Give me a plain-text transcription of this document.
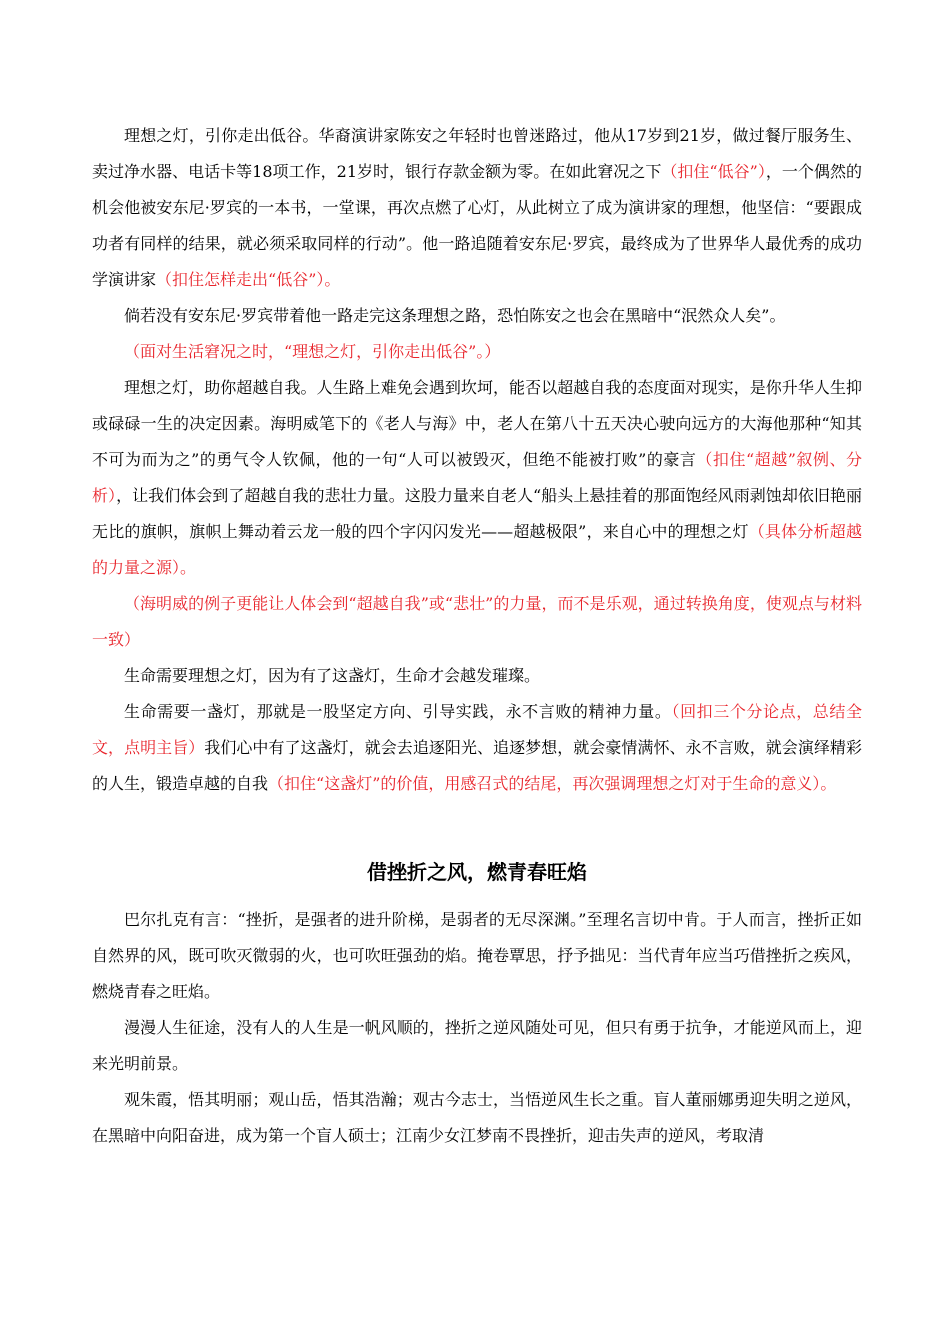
理想之灯，引你走出低谷。华裔演讲家陈安之年轻时也曾迷路过，他从17岁到21岁，做过餐厅服务生、卖过净水器、电话卡等18项工作，21岁时，银行存款金额为零。在如此窘况之下（扣住“低谷”），一个偶然的机会他被安东尼·罗宾的一本书，一堂课，再次点燃了心灯，从此树立了成为演讲家的理想，他坚信：“要跟成功者有同样的结果，就必须采取同样的行动”。他一路追随着安东尼·罗宾，最终成为了世界华人最优秀的成功学演讲家（扣住怎样走出“低谷”）。

倘若没有安东尼·罗宾带着他一路走完这条理想之路，恐怕陈安之也会在黑暗中“泯然众人矣”。

（面对生活窘况之时，“理想之灯，引你走出低谷”。）

理想之灯，助你超越自我。人生路上难免会遇到坎坷，能否以超越自我的态度面对现实，是你升华人生抑或碌碌一生的决定因素。海明威笔下的《老人与海》中，老人在第八十五天决心驶向远方的大海他那种“知其不可为而为之”的勇气令人钦佩，他的一句“人可以被毁灭，但绝不能被打败”的豪言（扣住“超越”叙例、分析），让我们体会到了超越自我的悲壮力量。这股力量来自老人“船头上悬挂着的那面饱经风雨剥蚀却依旧艳丽无比的旗帜，旗帜上舞动着云龙一般的四个字闪闪发光——超越极限”，来自心中的理想之灯（具体分析超越的力量之源）。

（海明威的例子更能让人体会到“超越自我”或“悲壮”的力量，而不是乐观，通过转换角度，使观点与材料一致）

生命需要理想之灯，因为有了这盏灯，生命才会越发璀璨。

生命需要一盏灯，那就是一股坚定方向、引导实践，永不言败的精神力量。（回扣三个分论点，总结全文，点明主旨）我们心中有了这盏灯，就会去追逐阳光、追逐梦想，就会豪情满怀、永不言败，就会演绎精彩的人生，锻造卓越的自我（扣住“这盏灯”的价值，用感召式的结尾，再次强调理想之灯对于生命的意义）。

借挫折之风，燃青春旺焰

巴尔扎克有言：“挫折，是强者的进升阶梯，是弱者的无尽深渊。”至理名言切中肯。于人而言，挫折正如自然界的风，既可吹灭微弱的火，也可吹旺强劲的焰。掩卷覃思，抒予拙见：当代青年应当巧借挫折之疾风，燃烧青春之旺焰。

漫漫人生征途，没有人的人生是一帆风顺的，挫折之逆风随处可见，但只有勇于抗争，才能逆风而上，迎来光明前景。

观朱霞，悟其明丽；观山岳，悟其浩瀚；观古今志士，当悟逆风生长之重。盲人董丽娜勇迎失明之逆风，在黑暗中向阳奋进，成为第一个盲人硕士；江南少女江梦南不畏挫折，迎击失声的逆风，考取清
